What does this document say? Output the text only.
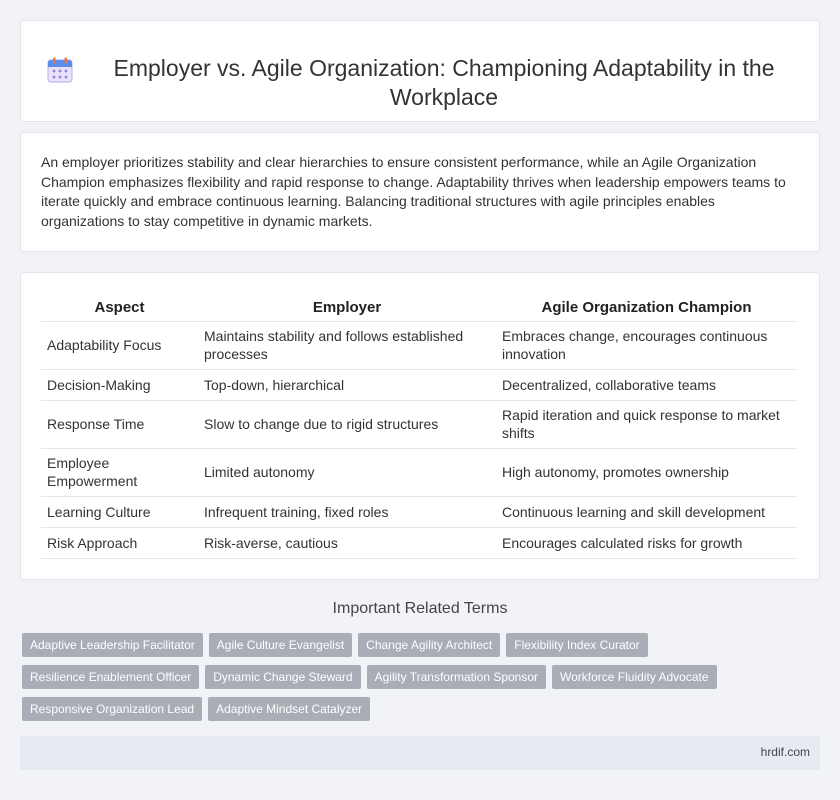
Employer vs. Agile Organization: Championing Adaptability in the Workplace

An employer prioritizes stability and clear hierarchies to ensure consistent performance, while an Agile Organization Champion emphasizes flexibility and rapid response to change. Adaptability thrives when leadership empowers teams to iterate quickly and embrace continuous learning. Balancing traditional structures with agile principles enables organizations to stay competitive in dynamic markets.

Aspect	Employer	Agile Organization Champion
Adaptability Focus	Maintains stability and follows established processes	Embraces change, encourages continuous innovation
Decision-Making	Top-down, hierarchical	Decentralized, collaborative teams
Response Time	Slow to change due to rigid structures	Rapid iteration and quick response to market shifts
Employee Empowerment	Limited autonomy	High autonomy, promotes ownership
Learning Culture	Infrequent training, fixed roles	Continuous learning and skill development
Risk Approach	Risk-averse, cautious	Encourages calculated risks for growth
Important Related Terms
Adaptive Leadership Facilitator	Agile Culture Evangelist	Change Agility Architect	Flexibility Index Curator
Resilience Enablement Officer	Dynamic Change Steward	Agility Transformation Sponsor	Workforce Fluidity Advocate
Responsive Organization Lead	Adaptive Mindset Catalyzer
hrdif.com
